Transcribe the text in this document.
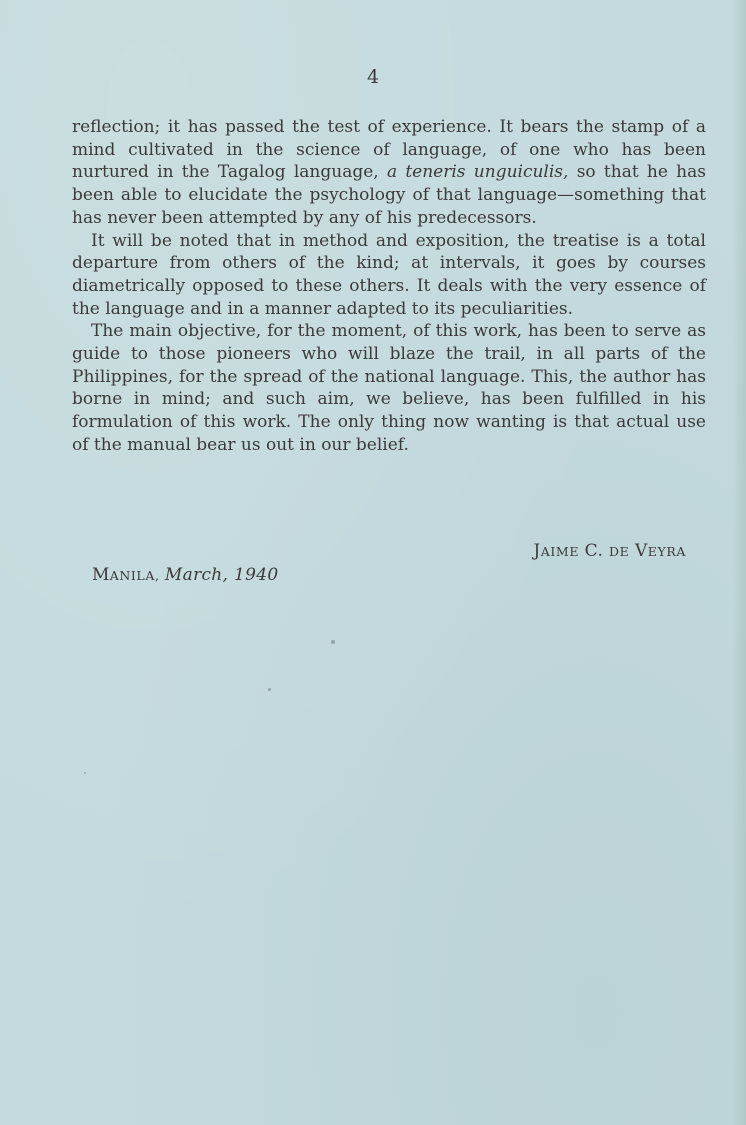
4

reflection; it has passed the test of experience. It bears the stamp of a mind cultivated in the science of language, of one who has been nurtured in the Tagalog language, a teneris unguiculis, so that he has been able to elucidate the psychology of that language—something that has never been attempted by any of his predecessors.

It will be noted that in method and exposition, the treatise is a total departure from others of the kind; at intervals, it goes by courses diametrically opposed to these others. It deals with the very essence of the language and in a manner adapted to its peculiarities.

The main objective, for the moment, of this work, has been to serve as guide to those pioneers who will blaze the trail, in all parts of the Philippines, for the spread of the national language. This, the author has borne in mind; and such aim, we believe, has been fulfilled in his formulation of this work. The only thing now wanting is that actual use of the manual bear us out in our belief.

JAIME C. DE VEYRA
MANILA, March, 1940
